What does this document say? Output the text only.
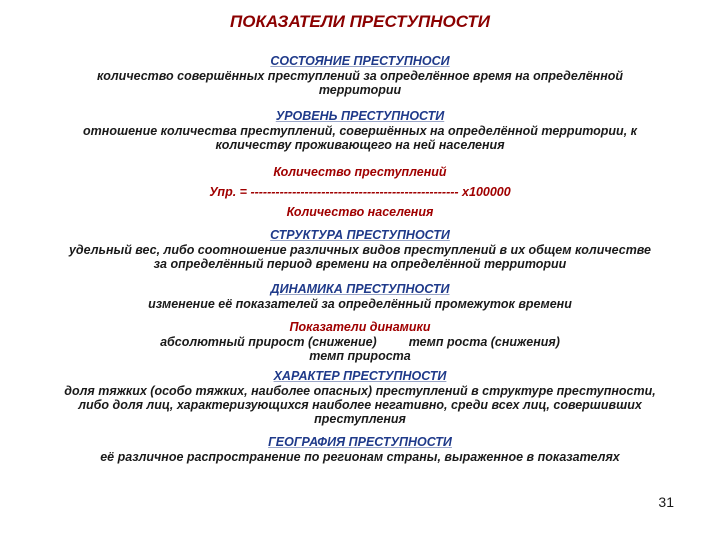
ПОКАЗАТЕЛИ ПРЕСТУПНОСТИ
СОСТОЯНИЕ ПРЕСТУПНОСИ
количество совершённых преступлений за определённое время на определённой
территории
УРОВЕНЬ ПРЕСТУПНОСТИ
отношение количества преступлений, совершённых на определённой территории, к
количеству проживающего на ней населения
Количество преступлений
Упр. = -------------------------------------------------- х100000
Количество населения
СТРУКТУРА ПРЕСТУПНОСТИ
удельный вес, либо соотношение различных видов преступлений в их общем количестве
за определённый период времени на определённой территории
ДИНАМИКА ПРЕСТУПНОСТИ
изменение её показателей за определённый промежуток времени
Показатели динамики
абсолютный прирост (снижение)	темп роста (снижения)
темп прироста
ХАРАКТЕР ПРЕСТУПНОСТИ
доля тяжких (особо тяжких, наиболее опасных) преступлений в структуре преступности,
либо доля лиц, характеризующихся наиболее негативно, среди всех лиц, совершивших
преступления
ГЕОГРАФИЯ ПРЕСТУПНОСТИ
её различное распространение по регионам страны, выраженное в показателях
31
